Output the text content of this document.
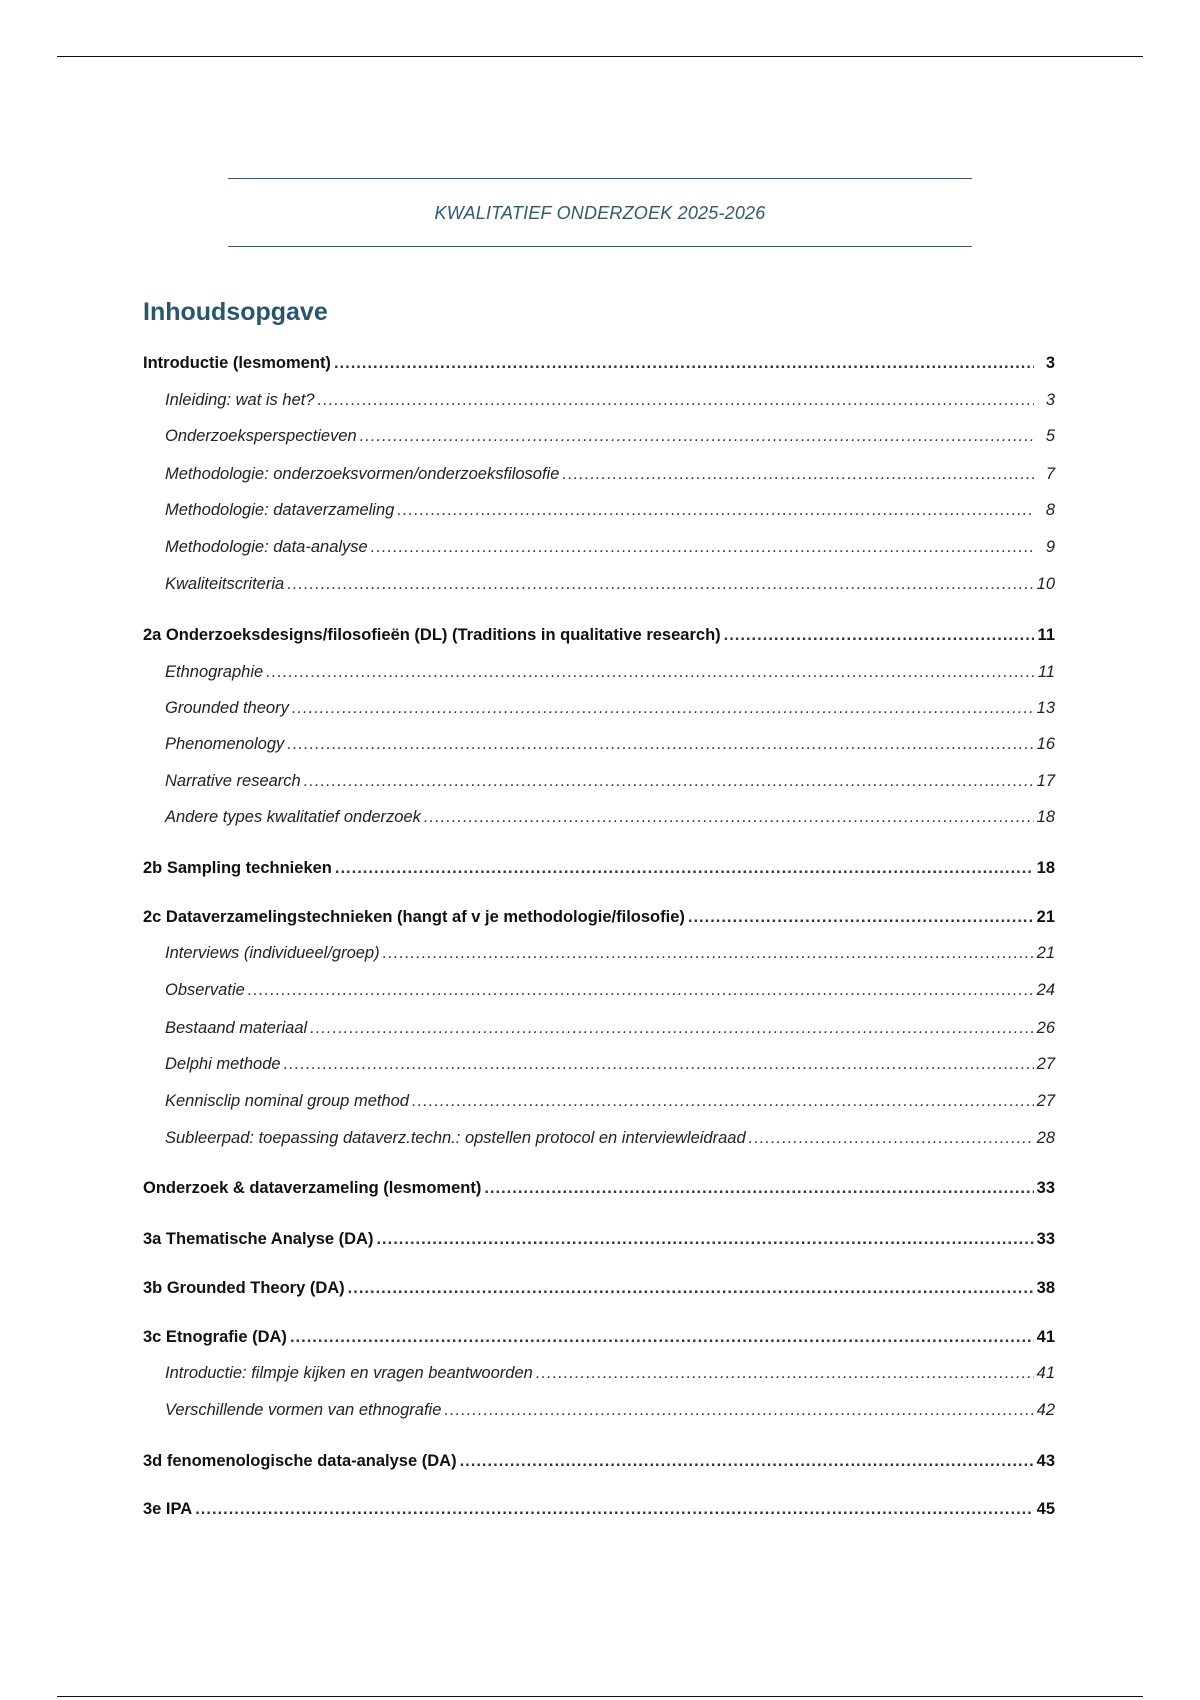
KWALITATIEF ONDERZOEK 2025-2026
Inhoudsopgave
Introductie (lesmoment) .....	3
Inleiding: wat is het? .....	3
Onderzoeksperspectieven .....	5
Methodologie: onderzoeksvormen/onderzoeksfilosofie .....	7
Methodologie: dataverzameling .....	8
Methodologie: data-analyse .....	9
Kwaliteitscriteria .....	10
2a Onderzoeksdesigns/filosofieën (DL) (Traditions in qualitative research) .....	11
Ethnographie .....	11
Grounded theory .....	13
Phenomenology .....	16
Narrative research .....	17
Andere types kwalitatief onderzoek .....	18
2b Sampling technieken .....	18
2c Dataverzamelingstechnieken (hangt af v je methodologie/filosofie) .....	21
Interviews (individueel/groep) .....	21
Observatie .....	24
Bestaand materiaal .....	26
Delphi methode .....	27
Kennisclip nominal group method .....	27
Subleerpad: toepassing dataverz.techn.: opstellen protocol en interviewleidraad .....	28
Onderzoek & dataverzameling (lesmoment) .....	33
3a Thematische Analyse (DA) .....	33
3b Grounded Theory (DA) .....	38
3c Etnografie (DA) .....	41
Introductie: filmpje kijken en vragen beantwoorden .....	41
Verschillende vormen van ethnografie .....	42
3d fenomenologische data-analyse (DA) .....	43
3e IPA .....	45
